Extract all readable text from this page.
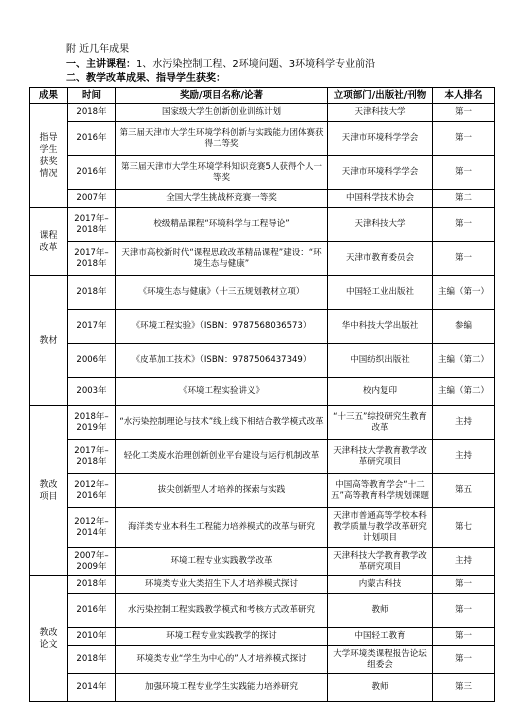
附 近几年成果
一、主讲课程：1、水污染控制工程、2环境问题、3环境科学专业前沿
二、教学改革成果、指导学生获奖：
成果	时间	奖励/项目名称/论著	立项部门/出版社/刊物	本人排名
指导学生获奖情况	2018年	国家级大学生创新创业训练计划	天津科技大学	第一
	2016年	第三届天津市大学生环境学科创新与实践能力团体赛获得二等奖	天津市环境科学学会	第一
	2016年	第三届天津市大学生环境学科知识竞赛5人获得个人一等奖	天津市环境科学学会	第一
	2007年	全国大学生挑战杯竞赛一等奖	中国科学技术协会	第二
课程改革	2017年–2018年	校级精品课程“环境科学与工程导论”	天津科技大学	第一
	2017年–2018年	天津市高校新时代“课程思政改革精品课程”建设：“环境生态与健康”	天津市教育委员会	第一
教材	2018年	《环境生态与健康》（十三五规划教材立项）	中国轻工业出版社	主编（第一）
	2017年	《环境工程实验》（ISBN：9787568036573）	华中科技大学出版社	参编
	2006年	《皮革加工技术》（ISBN：9787506437349）	中国纺织出版社	主编（第二）
	2003年	《环境工程实验讲义》	校内复印	主编（第二）
教改项目	2018年–2019年	“水污染控制理论与技术”线上线下相结合教学模式改革	“十三五”综投研究生教育改革	主持
	2017年–2018年	轻化工类废水治理创新创业平台建设与运行机制改革	天津科技大学教育教学改革研究项目	主持
	2012年–2016年	拔尖创新型人才培养的探索与实践	中国高等教育学会“十二五”高等教育科学规划课题	第五
	2012年–2014年	海洋类专业本科生工程能力培养模式的改革与研究	天津市普通高等学校本科教学质量与教学改革研究计划项目	第七
	2007年–2009年	环境工程专业实践教学改革	天津科技大学教育教学改革研究项目	主持
教改论文	2018年	环境类专业大类招生下人才培养模式探讨	内蒙古科技	第一
	2016年	水污染控制工程实践教学模式和考核方式改革研究	教师	第一
	2010年	环境工程专业实践教学的探讨	中国轻工教育	第一
	2018年	环境类专业“学生为中心的”人才培养模式探讨	大学环境类课程报告论坛组委会	第一
	2014年	加强环境工程专业学生实践能力培养研究	教师	第三
